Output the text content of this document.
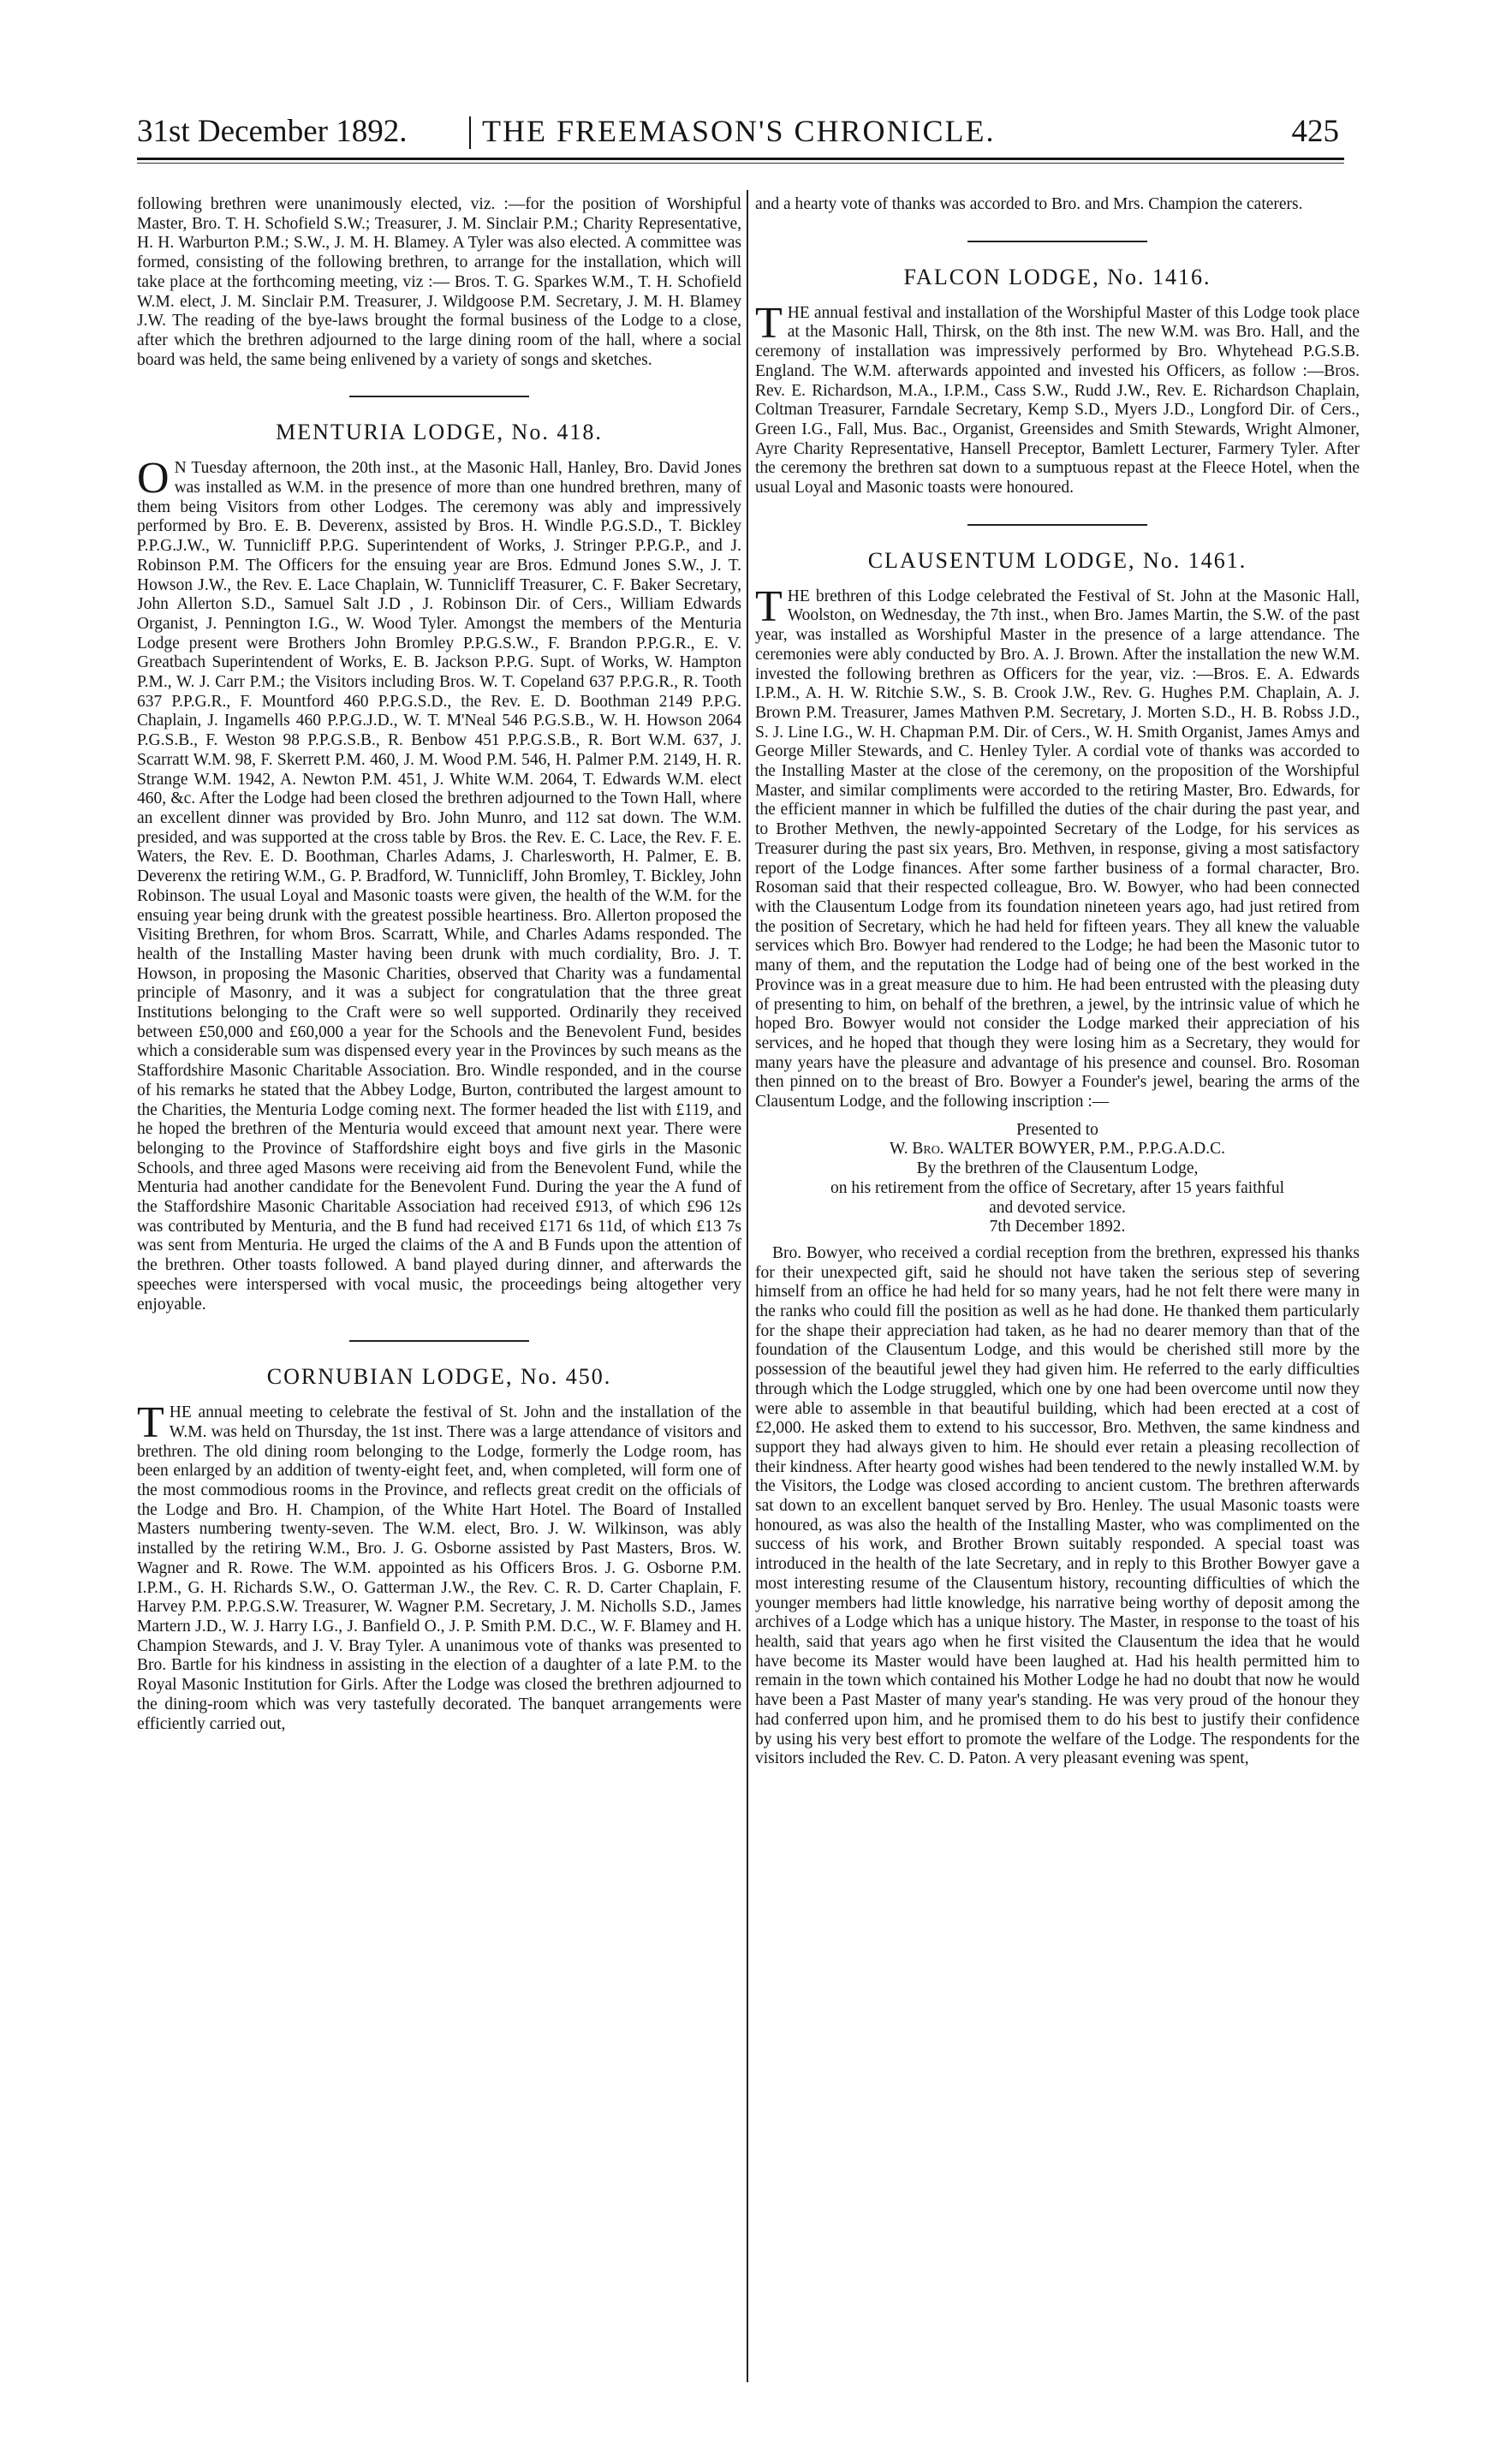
31st December 1892. THE FREEMASON'S CHRONICLE.	425

following brethren were unanimously elected, viz. :—for the position of Worshipful Master, Bro. T. H. Schofield S.W.; Treasurer, J. M. Sinclair P.M.; Charity Representative, H. H. Warburton P.M.; S.W., J. M. H. Blamey. A Tyler was also elected. A committee was formed, consisting of the following brethren, to arrange for the installation, which will take place at the forthcoming meeting, viz :— Bros. T. G. Sparkes W.M., T. H. Schofield W.M. elect, J. M. Sinclair P.M. Treasurer, J. Wildgoose P.M. Secretary, J. M. H. Blamey J.W. The reading of the bye-laws brought the formal business of the Lodge to a close, after which the brethren adjourned to the large dining room of the hall, where a social board was held, the same being enlivened by a variety of songs and sketches.

MENTURIA LODGE, No. 418.

O N Tuesday afternoon, the 20th inst., at the Masonic Hall, Hanley, Bro. David Jones was installed as W.M. in the presence of more than one hundred brethren, many of them being Visitors from other Lodges. The ceremony was ably and impressively performed by Bro. E. B. Deverenx, assisted by Bros. H. Windle P.G.S.D., T. Bickley P.P.G.J.W., W. Tunnicliff P.P.G. Superintendent of Works, J. Stringer P.P.G.P., and J. Robinson P.M. The Officers for the ensuing year are Bros. Edmund Jones S.W., J. T. Howson J.W., the Rev. E. Lace Chaplain, W. Tunnicliff Treasurer, C. F. Baker Secretary, John Allerton S.D., Samuel Salt J.D , J. Robinson Dir. of Cers., William Edwards Organist, J. Pennington I.G., W. Wood Tyler. Amongst the members of the Menturia Lodge present were Brothers John Bromley P.P.G.S.W., F. Brandon P.P.G.R., E. V. Greatbach Superintendent of Works, E. B. Jackson P.P.G. Supt. of Works, W. Hampton P.M., W. J. Carr P.M.; the Visitors including Bros. W. T. Copeland 637 P.P.G.R., R. Tooth 637 P.P.G.R., F. Mountford 460 P.P.G.S.D., the Rev. E. D. Boothman 2149 P.P.G. Chaplain, J. Ingamells 460 P.P.G.J.D., W. T. M'Neal 546 P.G.S.B., W. H. Howson 2064 P.G.S.B., F. Weston 98 P.P.G.S.B., R. Benbow 451 P.P.G.S.B., R. Bort W.M. 637, J. Scarratt W.M. 98, F. Skerrett P.M. 460, J. M. Wood P.M. 546, H. Palmer P.M. 2149, H. R. Strange W.M. 1942, A. Newton P.M. 451, J. White W.M. 2064, T. Edwards W.M. elect 460, &c. After the Lodge had been closed the brethren adjourned to the Town Hall, where an excellent dinner was provided by Bro. John Munro, and 112 sat down. The W.M. presided, and was supported at the cross table by Bros. the Rev. E. C. Lace, the Rev. F. E. Waters, the Rev. E. D. Boothman, Charles Adams, J. Charlesworth, H. Palmer, E. B. Deverenx the retiring W.M., G. P. Bradford, W. Tunnicliff, John Bromley, T. Bickley, John Robinson. The usual Loyal and Masonic toasts were given, the health of the W.M. for the ensuing year being drunk with the greatest possible heartiness. Bro. Allerton proposed the Visiting Brethren, for whom Bros. Scarratt, While, and Charles Adams responded. The health of the Installing Master having been drunk with much cordiality, Bro. J. T. Howson, in proposing the Masonic Charities, observed that Charity was a fundamental principle of Masonry, and it was a subject for congratulation that the three great Institutions belonging to the Craft were so well supported. Ordinarily they received between £50,000 and £60,000 a year for the Schools and the Benevolent Fund, besides which a considerable sum was dispensed every year in the Provinces by such means as the Staffordshire Masonic Charitable Association. Bro. Windle responded, and in the course of his remarks he stated that the Abbey Lodge, Burton, contributed the largest amount to the Charities, the Menturia Lodge coming next. The former headed the list with £119, and he hoped the brethren of the Menturia would exceed that amount next year. There were belonging to the Province of Staffordshire eight boys and five girls in the Masonic Schools, and three aged Masons were receiving aid from the Benevolent Fund, while the Menturia had another candidate for the Benevolent Fund. During the year the A fund of the Staffordshire Masonic Charitable Association had received £913, of which £96 12s was contributed by Menturia, and the B fund had received £171 6s 11d, of which £13 7s was sent from Menturia. He urged the claims of the A and B Funds upon the attention of the brethren. Other toasts followed. A band played during dinner, and afterwards the speeches were interspersed with vocal music, the proceedings being altogether very enjoyable.

CORNUBIAN LODGE, No. 450.

THE annual meeting to celebrate the festival of St. John and the installation of the W.M. was held on Thursday, the 1st inst. There was a large attendance of visitors and brethren. The old dining room belonging to the Lodge, formerly the Lodge room, has been enlarged by an addition of twenty-eight feet, and, when completed, will form one of the most commodious rooms in the Province, and reflects great credit on the officials of the Lodge and Bro. H. Champion, of the White Hart Hotel. The Board of Installed Masters numbering twenty-seven. The W.M. elect, Bro. J. W. Wilkinson, was ably installed by the retiring W.M., Bro. J. G. Osborne assisted by Past Masters, Bros. W. Wagner and R. Rowe. The W.M. appointed as his Officers Bros. J. G. Osborne P.M. I.P.M., G. H. Richards S.W., O. Gatterman J.W., the Rev. C. R. D. Carter Chaplain, F. Harvey P.M. P.P.G.S.W. Treasurer, W. Wagner P.M. Secretary, J. M. Nicholls S.D., James Martern J.D., W. J. Harry I.G., J. Banfield O., J. P. Smith P.M. D.C., W. F. Blamey and H. Champion Stewards, and J. V. Bray Tyler. A unanimous vote of thanks was presented to Bro. Bartle for his kindness in assisting in the election of a daughter of a late P.M. to the Royal Masonic Institution for Girls. After the Lodge was closed the brethren adjourned to the dining-room which was very tastefully decorated. The banquet arrangements were efficiently carried out,

and a hearty vote of thanks was accorded to Bro. and Mrs. Champion the caterers.

FALCON LODGE, No. 1416.

THE annual festival and installation of the Worshipful Master of this Lodge took place at the Masonic Hall, Thirsk, on the 8th inst. The new W.M. was Bro. Hall, and the ceremony of installation was impressively performed by Bro. Whytehead P.G.S.B. England. The W.M. afterwards appointed and invested his Officers, as follow :—Bros. Rev. E. Richardson, M.A., I.P.M., Cass S.W., Rudd J.W., Rev. E. Richardson Chaplain, Coltman Treasurer, Farndale Secretary, Kemp S.D., Myers J.D., Longford Dir. of Cers., Green I.G., Fall, Mus. Bac., Organist, Greensides and Smith Stewards, Wright Almoner, Ayre Charity Representative, Hansell Preceptor, Bamlett Lecturer, Farmery Tyler. After the ceremony the brethren sat down to a sumptuous repast at the Fleece Hotel, when the usual Loyal and Masonic toasts were honoured.

CLAUSENTUM LODGE, No. 1461.

THE brethren of this Lodge celebrated the Festival of St. John at the Masonic Hall, Woolston, on Wednesday, the 7th inst., when Bro. James Martin, the S.W. of the past year, was installed as Worshipful Master in the presence of a large attendance. The ceremonies were ably conducted by Bro. A. J. Brown. After the installation the new W.M. invested the following brethren as Officers for the year, viz. :—Bros. E. A. Edwards I.P.M., A. H. W. Ritchie S.W., S. B. Crook J.W., Rev. G. Hughes P.M. Chaplain, A. J. Brown P.M. Treasurer, James Mathven P.M. Secretary, J. Morten S.D., H. B. Robss J.D., S. J. Line I.G., W. H. Chapman P.M. Dir. of Cers., W. H. Smith Organist, James Amys and George Miller Stewards, and C. Henley Tyler. A cordial vote of thanks was accorded to the Installing Master at the close of the ceremony, on the proposition of the Worshipful Master, and similar compliments were accorded to the retiring Master, Bro. Edwards, for the efficient manner in which be fulfilled the duties of the chair during the past year, and to Brother Methven, the newly-appointed Secretary of the Lodge, for his services as Treasurer during the past six years, Bro. Methven, in response, giving a most satisfactory report of the Lodge finances. After some farther business of a formal character, Bro. Rosoman said that their respected colleague, Bro. W. Bowyer, who had been connected with the Clausentum Lodge from its foundation nineteen years ago, had just retired from the position of Secretary, which he had held for fifteen years. They all knew the valuable services which Bro. Bowyer had rendered to the Lodge; he had been the Masonic tutor to many of them, and the reputation the Lodge had of being one of the best worked in the Province was in a great measure due to him. He had been entrusted with the pleasing duty of presenting to him, on behalf of the brethren, a jewel, by the intrinsic value of which he hoped Bro. Bowyer would not consider the Lodge marked their appreciation of his services, and he hoped that though they were losing him as a Secretary, they would for many years have the pleasure and advantage of his presence and counsel. Bro. Rosoman then pinned on to the breast of Bro. Bowyer a Founder's jewel, bearing the arms of the Clausentum Lodge, and the following inscription :—

Presented to

W. Bro. WALTER BOWYER, P.M., P.P.G.A.D.C.

By the brethren of the Clausentum Lodge,

on his retirement from the office of Secretary, after 15 years faithful

and devoted service.

7th December 1892.

Bro. Bowyer, who received a cordial reception from the brethren, expressed his thanks for their unexpected gift, said he should not have taken the serious step of severing himself from an office he had held for so many years, had he not felt there were many in the ranks who could fill the position as well as he had done. He thanked them particularly for the shape their appreciation had taken, as he had no dearer memory than that of the foundation of the Clausentum Lodge, and this would be cherished still more by the possession of the beautiful jewel they had given him. He referred to the early difficulties through which the Lodge struggled, which one by one had been overcome until now they were able to assemble in that beautiful building, which had been erected at a cost of £2,000. He asked them to extend to his successor, Bro. Methven, the same kindness and support they had always given to him. He should ever retain a pleasing recollection of their kindness. After hearty good wishes had been tendered to the newly installed W.M. by the Visitors, the Lodge was closed according to ancient custom. The brethren afterwards sat down to an excellent banquet served by Bro. Henley. The usual Masonic toasts were honoured, as was also the health of the Installing Master, who was complimented on the success of his work, and Brother Brown suitably responded. A special toast was introduced in the health of the late Secretary, and in reply to this Brother Bowyer gave a most interesting resume of the Clausentum history, recounting difficulties of which the younger members had little knowledge, his narrative being worthy of deposit among the archives of a Lodge which has a unique history. The Master, in response to the toast of his health, said that years ago when he first visited the Clausentum the idea that he would have become its Master would have been laughed at. Had his health permitted him to remain in the town which contained his Mother Lodge he had no doubt that now he would have been a Past Master of many year's standing. He was very proud of the honour they had conferred upon him, and he promised them to do his best to justify their confidence by using his very best effort to promote the welfare of the Lodge. The respondents for the visitors included the Rev. C. D. Paton. A very pleasant evening was spent,
